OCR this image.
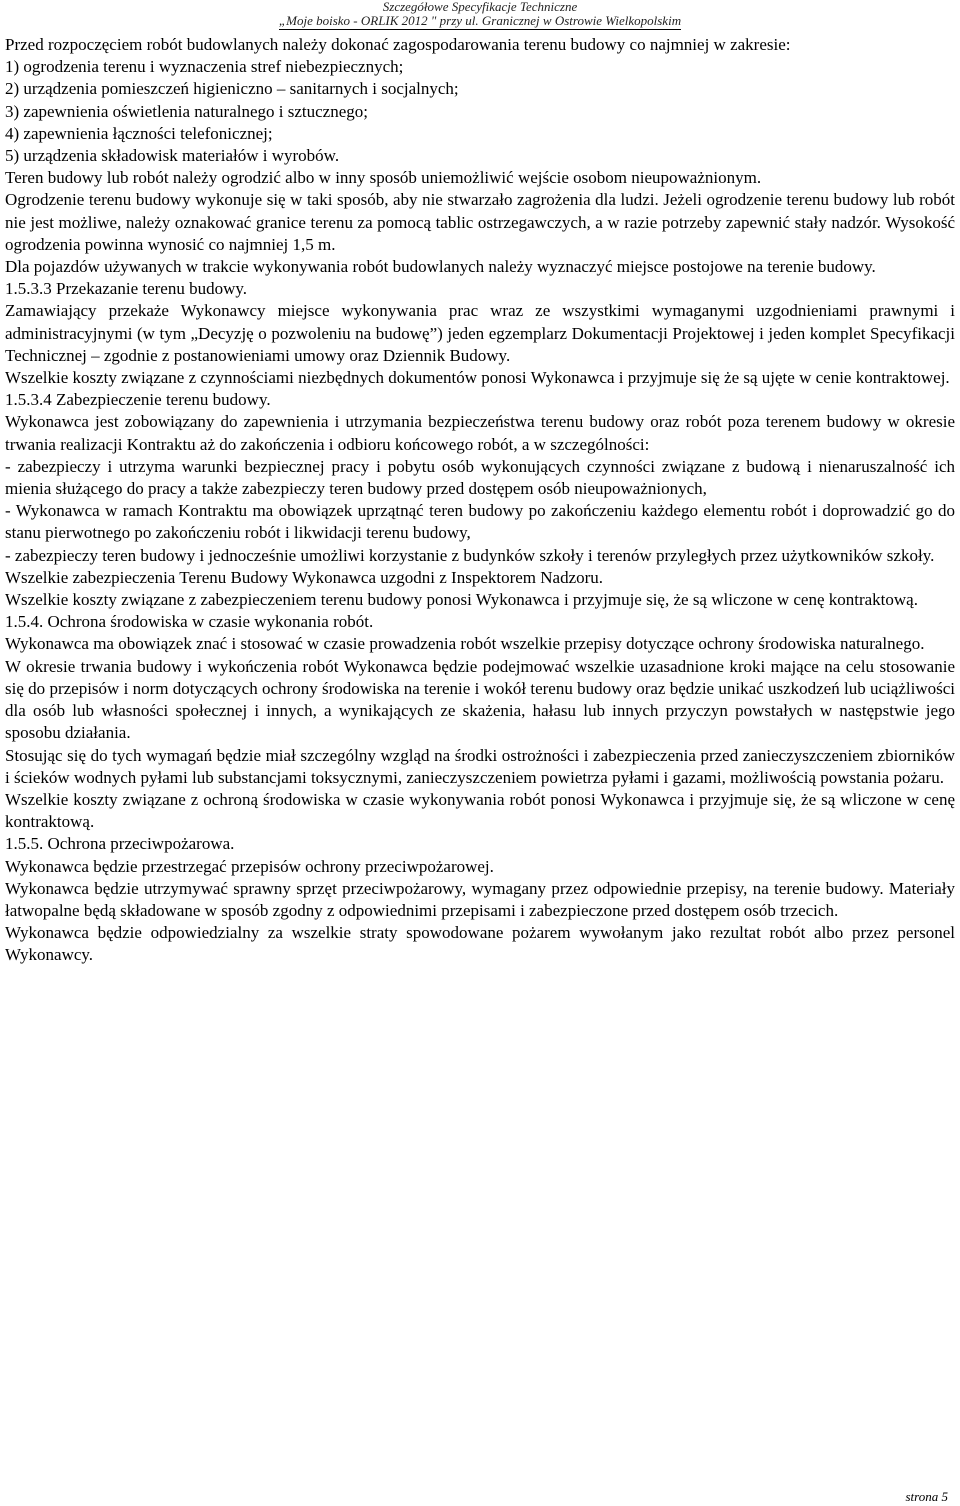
Szczegółowe Specyfikacje Techniczne
„Moje boisko - ORLIK 2012 " przy ul. Granicznej w Ostrowie Wielkopolskim

Przed rozpoczęciem robót budowlanych należy dokonać zagospodarowania terenu budowy co najmniej w zakresie:

1) ogrodzenia terenu i wyznaczenia stref niebezpiecznych;

2) urządzenia pomieszczeń higieniczno – sanitarnych i socjalnych;

3) zapewnienia oświetlenia naturalnego i sztucznego;

4) zapewnienia łączności telefonicznej;

5) urządzenia składowisk materiałów i wyrobów.

Teren budowy lub robót należy ogrodzić albo w inny sposób uniemożliwić wejście osobom nieupoważnionym.

Ogrodzenie terenu budowy wykonuje się w taki sposób, aby nie stwarzało zagrożenia dla ludzi. Jeżeli ogrodzenie terenu budowy lub robót nie jest możliwe, należy oznakować granice terenu za pomocą tablic ostrzegawczych, a w razie potrzeby zapewnić stały nadzór. Wysokość ogrodzenia powinna wynosić co najmniej 1,5 m.

Dla pojazdów używanych w trakcie wykonywania robót budowlanych należy wyznaczyć miejsce postojowe na terenie budowy.

1.5.3.3 Przekazanie terenu budowy.

Zamawiający przekaże Wykonawcy miejsce wykonywania prac wraz ze wszystkimi wymaganymi uzgodnieniami prawnymi i administracyjnymi (w tym „Decyzję o pozwoleniu na budowę”) jeden egzemplarz Dokumentacji Projektowej i jeden komplet Specyfikacji Technicznej – zgodnie z postanowieniami umowy oraz Dziennik Budowy.

Wszelkie koszty związane z czynnościami niezbędnych dokumentów ponosi Wykonawca i przyjmuje się że są ujęte w cenie kontraktowej.

1.5.3.4 Zabezpieczenie terenu budowy.

Wykonawca jest zobowiązany do zapewnienia i utrzymania bezpieczeństwa terenu budowy oraz robót poza terenem budowy w okresie trwania realizacji Kontraktu aż do zakończenia i odbioru końcowego robót, a w szczególności:

- zabezpieczy i utrzyma warunki bezpiecznej pracy i pobytu osób wykonujących czynności związane z budową i nienaruszalność ich mienia służącego do pracy a także zabezpieczy teren budowy przed dostępem osób nieupoważnionych,

- Wykonawca w ramach Kontraktu ma obowiązek uprzątnąć teren budowy po zakończeniu każdego elementu robót i doprowadzić go do stanu pierwotnego po zakończeniu robót i likwidacji terenu budowy,

- zabezpieczy teren budowy i jednocześnie umożliwi korzystanie z budynków szkoły i terenów przyległych przez użytkowników szkoły.

Wszelkie zabezpieczenia Terenu Budowy Wykonawca uzgodni z Inspektorem Nadzoru.

Wszelkie koszty związane z zabezpieczeniem terenu budowy ponosi Wykonawca i przyjmuje się, że są wliczone w cenę kontraktową.

1.5.4. Ochrona środowiska w czasie wykonania robót.

Wykonawca ma obowiązek znać i stosować w czasie prowadzenia robót wszelkie przepisy dotyczące ochrony środowiska naturalnego.

W okresie trwania budowy i wykończenia robót Wykonawca będzie podejmować wszelkie uzasadnione kroki mające na celu stosowanie się do przepisów i norm dotyczących ochrony środowiska na terenie i wokół terenu budowy oraz będzie unikać uszkodzeń lub uciążliwości dla osób lub własności społecznej i innych, a wynikających ze skażenia, hałasu lub innych przyczyn powstałych w następstwie jego sposobu działania.

Stosując się do tych wymagań będzie miał szczególny wzgląd na środki ostrożności i zabezpieczenia przed zanieczyszczeniem zbiorników i ścieków wodnych pyłami lub substancjami toksycznymi, zanieczyszczeniem powietrza pyłami i gazami, możliwością powstania pożaru.

Wszelkie koszty związane z ochroną środowiska w czasie wykonywania robót ponosi Wykonawca i przyjmuje się, że są wliczone w cenę kontraktową.

1.5.5. Ochrona przeciwpożarowa.

Wykonawca będzie przestrzegać przepisów ochrony przeciwpożarowej.

Wykonawca będzie utrzymywać sprawny sprzęt przeciwpożarowy, wymagany przez odpowiednie przepisy, na terenie budowy. Materiały łatwopalne będą składowane w sposób zgodny z odpowiednimi przepisami i zabezpieczone przed dostępem osób trzecich.

Wykonawca będzie odpowiedzialny za wszelkie straty spowodowane pożarem wywołanym jako rezultat robót albo przez personel Wykonawcy.

strona 5
